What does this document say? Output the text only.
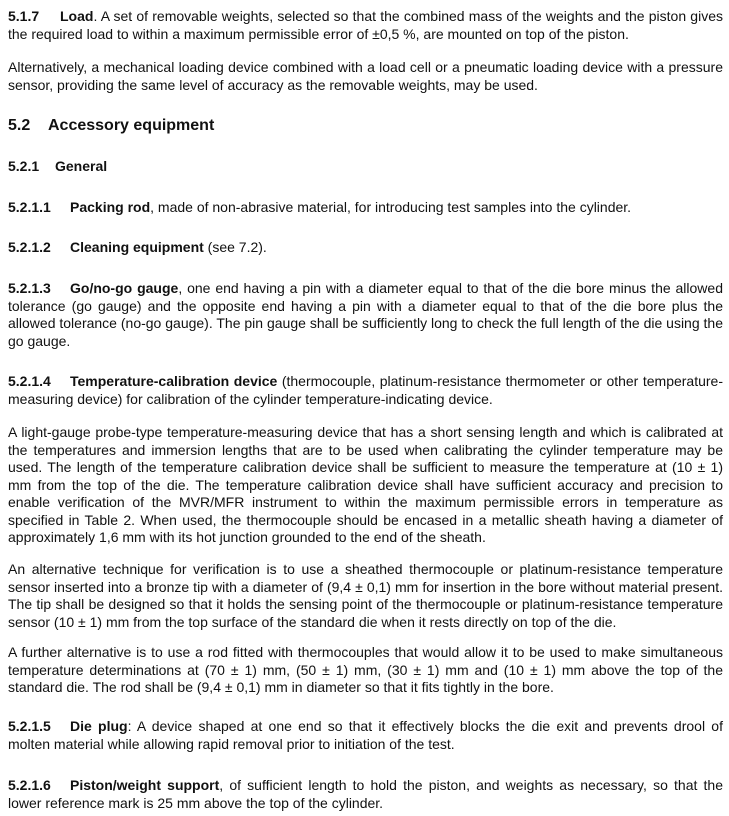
5.1.7 Load. A set of removable weights, selected so that the combined mass of the weights and the piston gives the required load to within a maximum permissible error of ±0,5 %, are mounted on top of the piston.

Alternatively, a mechanical loading device combined with a load cell or a pneumatic loading device with a pressure sensor, providing the same level of accuracy as the removable weights, may be used.

5.2 Accessory equipment
5.2.1 General

5.2.1.1 Packing rod, made of non-abrasive material, for introducing test samples into the cylinder.

5.2.1.2 Cleaning equipment (see 7.2).

5.2.1.3 Go/no-go gauge, one end having a pin with a diameter equal to that of the die bore minus the allowed tolerance (go gauge) and the opposite end having a pin with a diameter equal to that of the die bore plus the allowed tolerance (no-go gauge). The pin gauge shall be sufficiently long to check the full length of the die using the go gauge.

5.2.1.4 Temperature-calibration device (thermocouple, platinum-resistance thermometer or other temperature-measuring device) for calibration of the cylinder temperature-indicating device.

A light-gauge probe-type temperature-measuring device that has a short sensing length and which is calibrated at the temperatures and immersion lengths that are to be used when calibrating the cylinder temperature may be used. The length of the temperature calibration device shall be sufficient to measure the temperature at (10 ± 1) mm from the top of the die. The temperature calibration device shall have sufficient accuracy and precision to enable verification of the MVR/MFR instrument to within the maximum permissible errors in temperature as specified in Table 2. When used, the thermocouple should be encased in a metallic sheath having a diameter of approximately 1,6 mm with its hot junction grounded to the end of the sheath.

An alternative technique for verification is to use a sheathed thermocouple or platinum-resistance temperature sensor inserted into a bronze tip with a diameter of (9,4 ± 0,1) mm for insertion in the bore without material present. The tip shall be designed so that it holds the sensing point of the thermocouple or platinum-resistance temperature sensor (10 ± 1) mm from the top surface of the standard die when it rests directly on top of the die.

A further alternative is to use a rod fitted with thermocouples that would allow it to be used to make simultaneous temperature determinations at (70 ± 1) mm, (50 ± 1) mm, (30 ± 1) mm and (10 ± 1) mm above the top of the standard die. The rod shall be (9,4 ± 0,1) mm in diameter so that it fits tightly in the bore.

5.2.1.5 Die plug: A device shaped at one end so that it effectively blocks the die exit and prevents drool of molten material while allowing rapid removal prior to initiation of the test.

5.2.1.6 Piston/weight support, of sufficient length to hold the piston, and weights as necessary, so that the lower reference mark is 25 mm above the top of the cylinder.
